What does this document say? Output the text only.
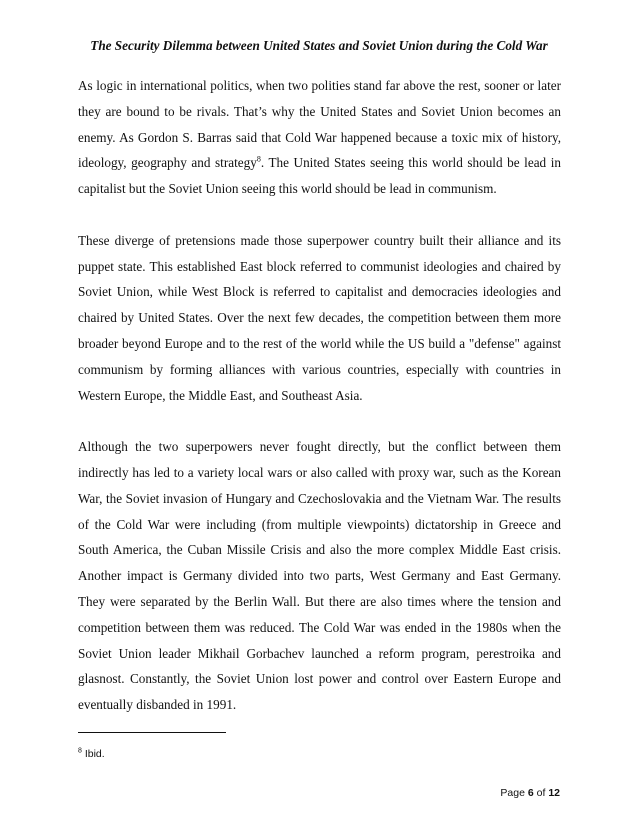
The Security Dilemma between United States and Soviet Union during the Cold War

As logic in international politics, when two polities stand far above the rest, sooner or later they are bound to be rivals. That’s why the United States and Soviet Union becomes an enemy. As Gordon S. Barras said that Cold War happened because a toxic mix of history, ideology, geography and strategy$^8$. The United States seeing this world should be lead in capitalist but the Soviet Union seeing this world should be lead in communism.

These diverge of pretensions made those superpower country built their alliance and its puppet state. This established East block referred to communist ideologies and chaired by Soviet Union, while West Block is referred to capitalist and democracies ideologies and chaired by United States. Over the next few decades, the competition between them more broader beyond Europe and to the rest of the world while the US build a "defense" against communism by forming alliances with various countries, especially with countries in Western Europe, the Middle East, and Southeast Asia.

Although the two superpowers never fought directly, but the conflict between them indirectly has led to a variety local wars or also called with proxy war, such as the Korean War, the Soviet invasion of Hungary and Czechoslovakia and the Vietnam War. The results of the Cold War were including (from multiple viewpoints) dictatorship in Greece and South America, the Cuban Missile Crisis and also the more complex Middle East crisis. Another impact is Germany divided into two parts, West Germany and East Germany. They were separated by the Berlin Wall. But there are also times where the tension and competition between them was reduced. The Cold War was ended in the 1980s when the Soviet Union leader Mikhail Gorbachev launched a reform program, perestroika and glasnost. Constantly, the Soviet Union lost power and control over Eastern Europe and eventually disbanded in 1991.

$^8$ Ibid.
Page 6 of 12
